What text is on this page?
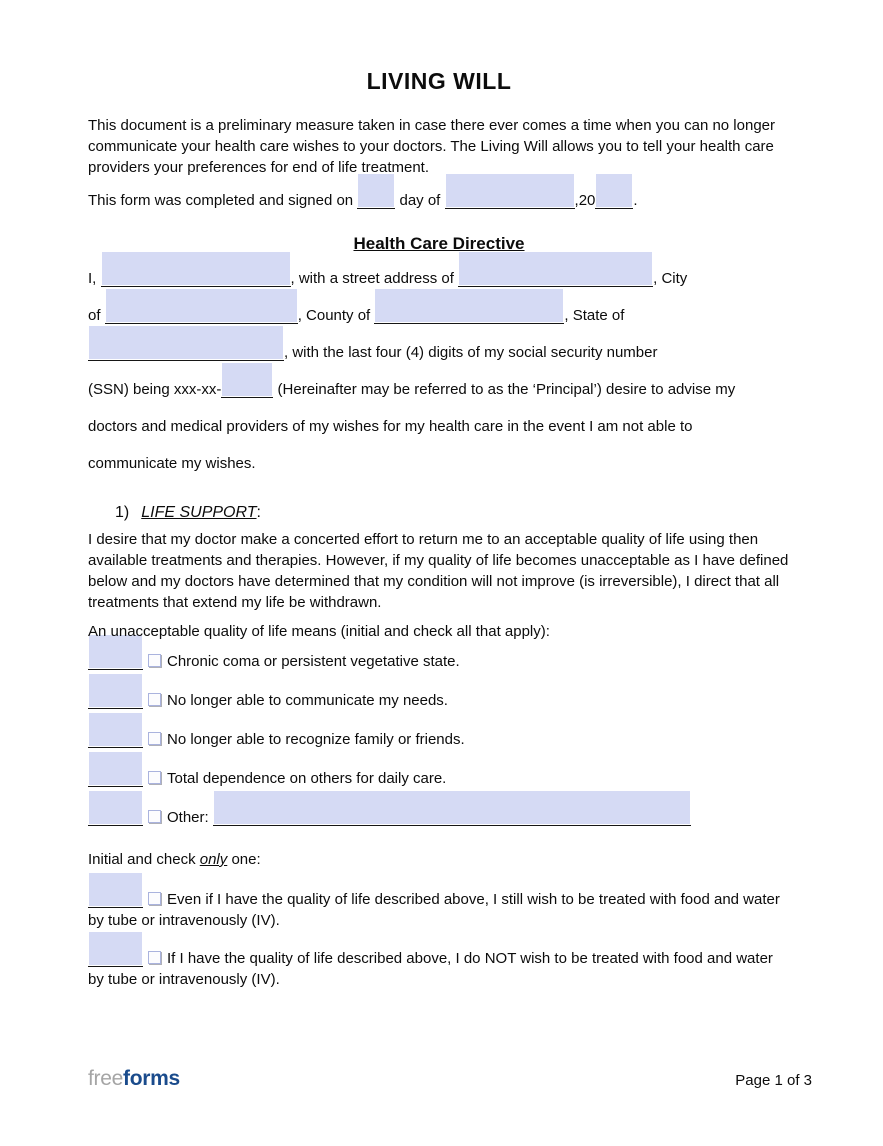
LIVING WILL

This document is a preliminary measure taken in case there ever comes a time when you can no longer communicate your health care wishes to your doctors. The Living Will allows you to tell your health care providers your preferences for end of life treatment.

This form was completed and signed on	day of	,20	.
Health Care Directive
I,	, with a street address of	, City
of	, County of	, State of
, with the last four (4) digits of my social security number
(SSN) being xxx-xx-	(Hereinafter may be referred to as the ‘Principal’) desire to advise my
doctors and medical providers of my wishes for my health care in the event I am not able to
communicate my wishes.
1) LIFE SUPPORT:

I desire that my doctor make a concerted effort to return me to an acceptable quality of life using then available treatments and therapies. However, if my quality of life becomes unacceptable as I have defined below and my doctors have determined that my condition will not improve (is irreversible), I direct that all treatments that extend my life be withdrawn.

An unacceptable quality of life means (initial and check all that apply):

Chronic coma or persistent vegetative state.
No longer able to communicate my needs.
No longer able to recognize family or friends.
Total dependence on others for daily care.
Other:

Initial and check only one:

Even if I have the quality of life described above, I still wish to be treated with food and water by tube or intravenously (IV).

If I have the quality of life described above, I do NOT wish to be treated with food and water by tube or intravenously (IV).

freeforms	Page 1 of 3
